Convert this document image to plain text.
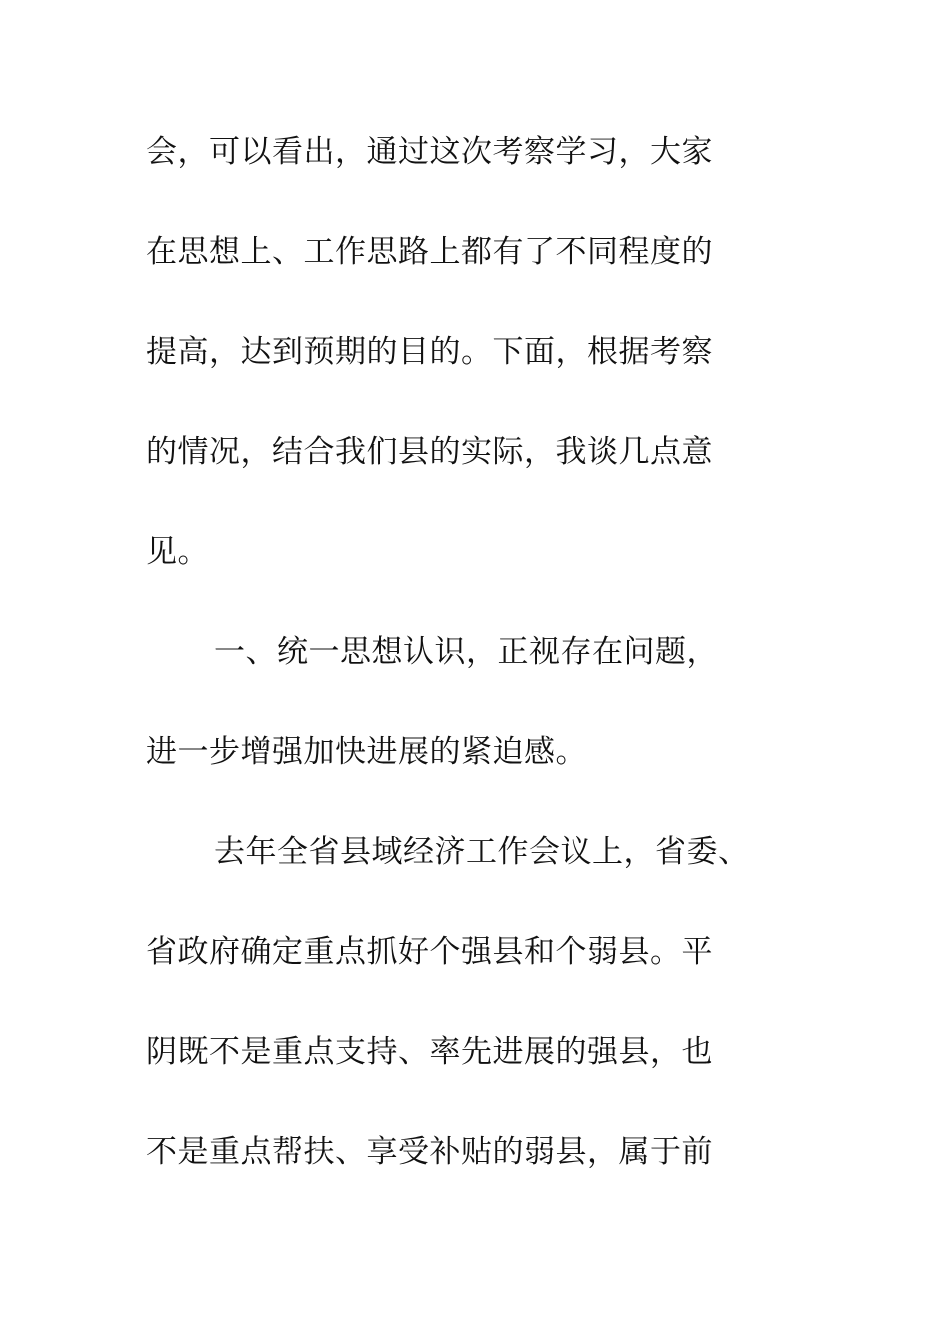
会，可以看出，通过这次考察学习，大家

在思想上、工作思路上都有了不同程度的

提高，达到预期的目的。下面，根据考察

的情况，结合我们县的实际，我谈几点意

见。

一、统一思想认识，正视存在问题，

进一步增强加快进展的紧迫感。

去年全省县域经济工作会议上，省委、

省政府确定重点抓好个强县和个弱县。平

阴既不是重点支持、率先进展的强县，也

不是重点帮扶、享受补贴的弱县，属于前
